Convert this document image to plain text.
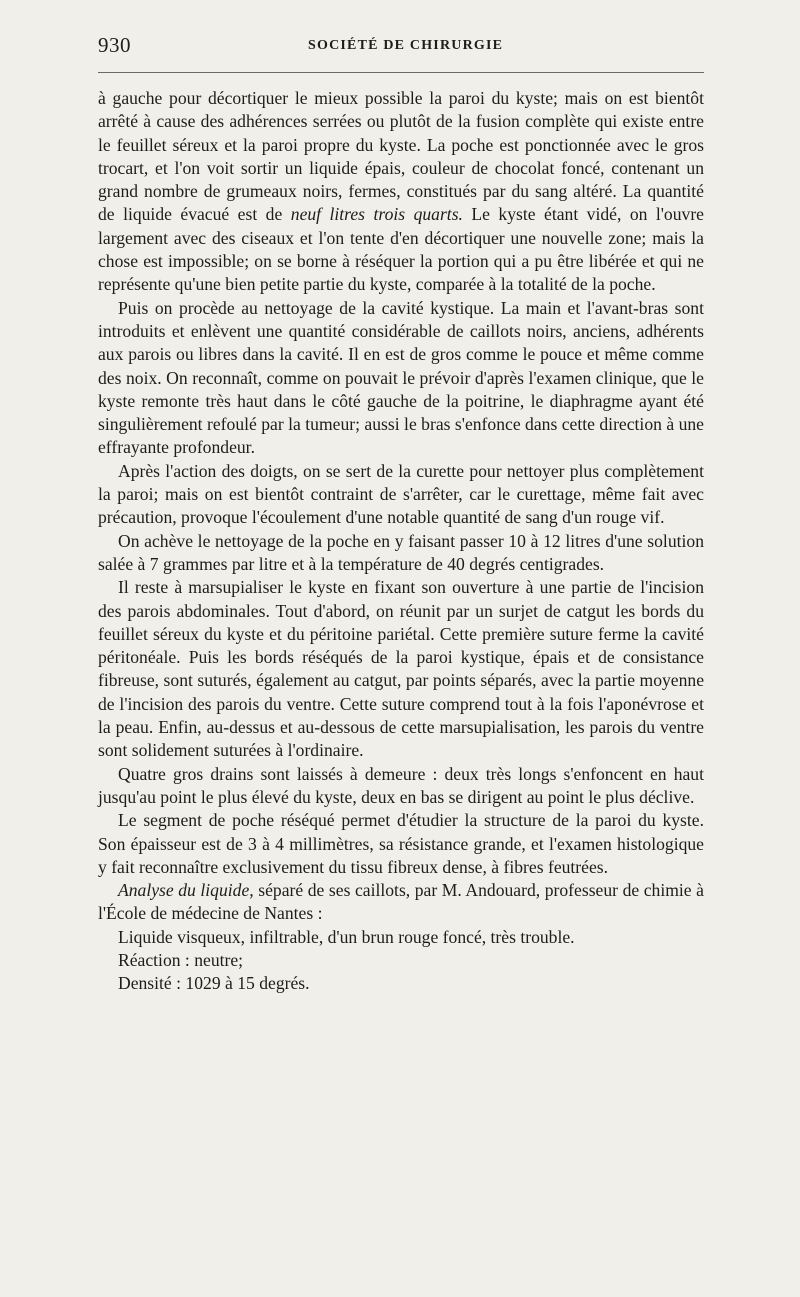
930	SOCIÉTÉ DE CHIRURGIE

à gauche pour décortiquer le mieux possible la paroi du kyste; mais on est bientôt arrêté à cause des adhérences serrées ou plutôt de la fusion complète qui existe entre le feuillet séreux et la paroi propre du kyste. La poche est ponctionnée avec le gros trocart, et l'on voit sortir un liquide épais, couleur de chocolat foncé, contenant un grand nombre de grumeaux noirs, fermes, constitués par du sang altéré. La quantité de liquide évacué est de neuf litres trois quarts. Le kyste étant vidé, on l'ouvre largement avec des ciseaux et l'on tente d'en décortiquer une nouvelle zone; mais la chose est impossible; on se borne à réséquer la portion qui a pu être libérée et qui ne représente qu'une bien petite partie du kyste, comparée à la totalité de la poche.

Puis on procède au nettoyage de la cavité kystique. La main et l'avant-bras sont introduits et enlèvent une quantité considérable de caillots noirs, anciens, adhérents aux parois ou libres dans la cavité. Il en est de gros comme le pouce et même comme des noix. On reconnaît, comme on pouvait le prévoir d'après l'examen clinique, que le kyste remonte très haut dans le côté gauche de la poitrine, le diaphragme ayant été singulièrement refoulé par la tumeur; aussi le bras s'enfonce dans cette direction à une effrayante profondeur.

Après l'action des doigts, on se sert de la curette pour nettoyer plus complètement la paroi; mais on est bientôt contraint de s'arrêter, car le curettage, même fait avec précaution, provoque l'écoulement d'une notable quantité de sang d'un rouge vif.

On achève le nettoyage de la poche en y faisant passer 10 à 12 litres d'une solution salée à 7 grammes par litre et à la température de 40 degrés centigrades.

Il reste à marsupialiser le kyste en fixant son ouverture à une partie de l'incision des parois abdominales. Tout d'abord, on réunit par un surjet de catgut les bords du feuillet séreux du kyste et du péritoine pariétal. Cette première suture ferme la cavité péritonéale. Puis les bords réséqués de la paroi kystique, épais et de consistance fibreuse, sont suturés, également au catgut, par points séparés, avec la partie moyenne de l'incision des parois du ventre. Cette suture comprend tout à la fois l'aponévrose et la peau. Enfin, au-dessus et au-dessous de cette marsupialisation, les parois du ventre sont solidement suturées à l'ordinaire.

Quatre gros drains sont laissés à demeure : deux très longs s'enfoncent en haut jusqu'au point le plus élevé du kyste, deux en bas se dirigent au point le plus déclive.

Le segment de poche réséqué permet d'étudier la structure de la paroi du kyste. Son épaisseur est de 3 à 4 millimètres, sa résistance grande, et l'examen histologique y fait reconnaître exclusivement du tissu fibreux dense, à fibres feutrées.

Analyse du liquide, séparé de ses caillots, par M. Andouard, professeur de chimie à l'École de médecine de Nantes :

Liquide visqueux, infiltrable, d'un brun rouge foncé, très trouble.

Réaction : neutre;

Densité : 1029 à 15 degrés.
